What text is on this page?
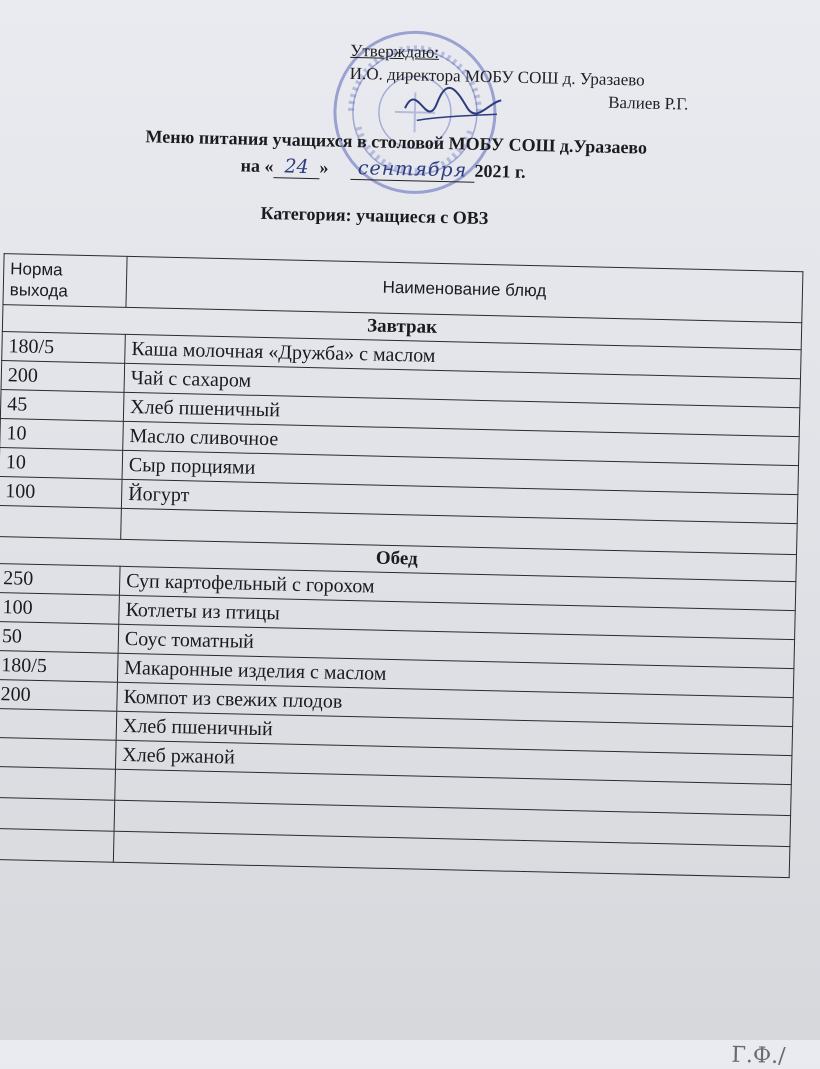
Утверждаю:
И.О. директора МОБУ СОШ д. Уразаево
Валиев Р.Г.
Меню питания учащихся в столовой МОБУ СОШ д.Уразаево
на « 24 » сентября 2021 г.
Категория: учащиеся с ОВЗ
Норма выхода	Наименование блюд
Завтрак	
180/5	Каша молочная «Дружба» с маслом
200	Чай с сахаром
45	Хлеб пшеничный
10	Масло сливочное
10	Сыр порциями
100	Йогурт

Обед	
250	Суп картофельный с горохом
100	Котлеты из птицы
50	Соус томатный
180/5	Макаронные изделия с маслом
200	Компот из свежих плодов
	Хлеб пшеничный
	Хлеб ржаной

Г.Ф./
